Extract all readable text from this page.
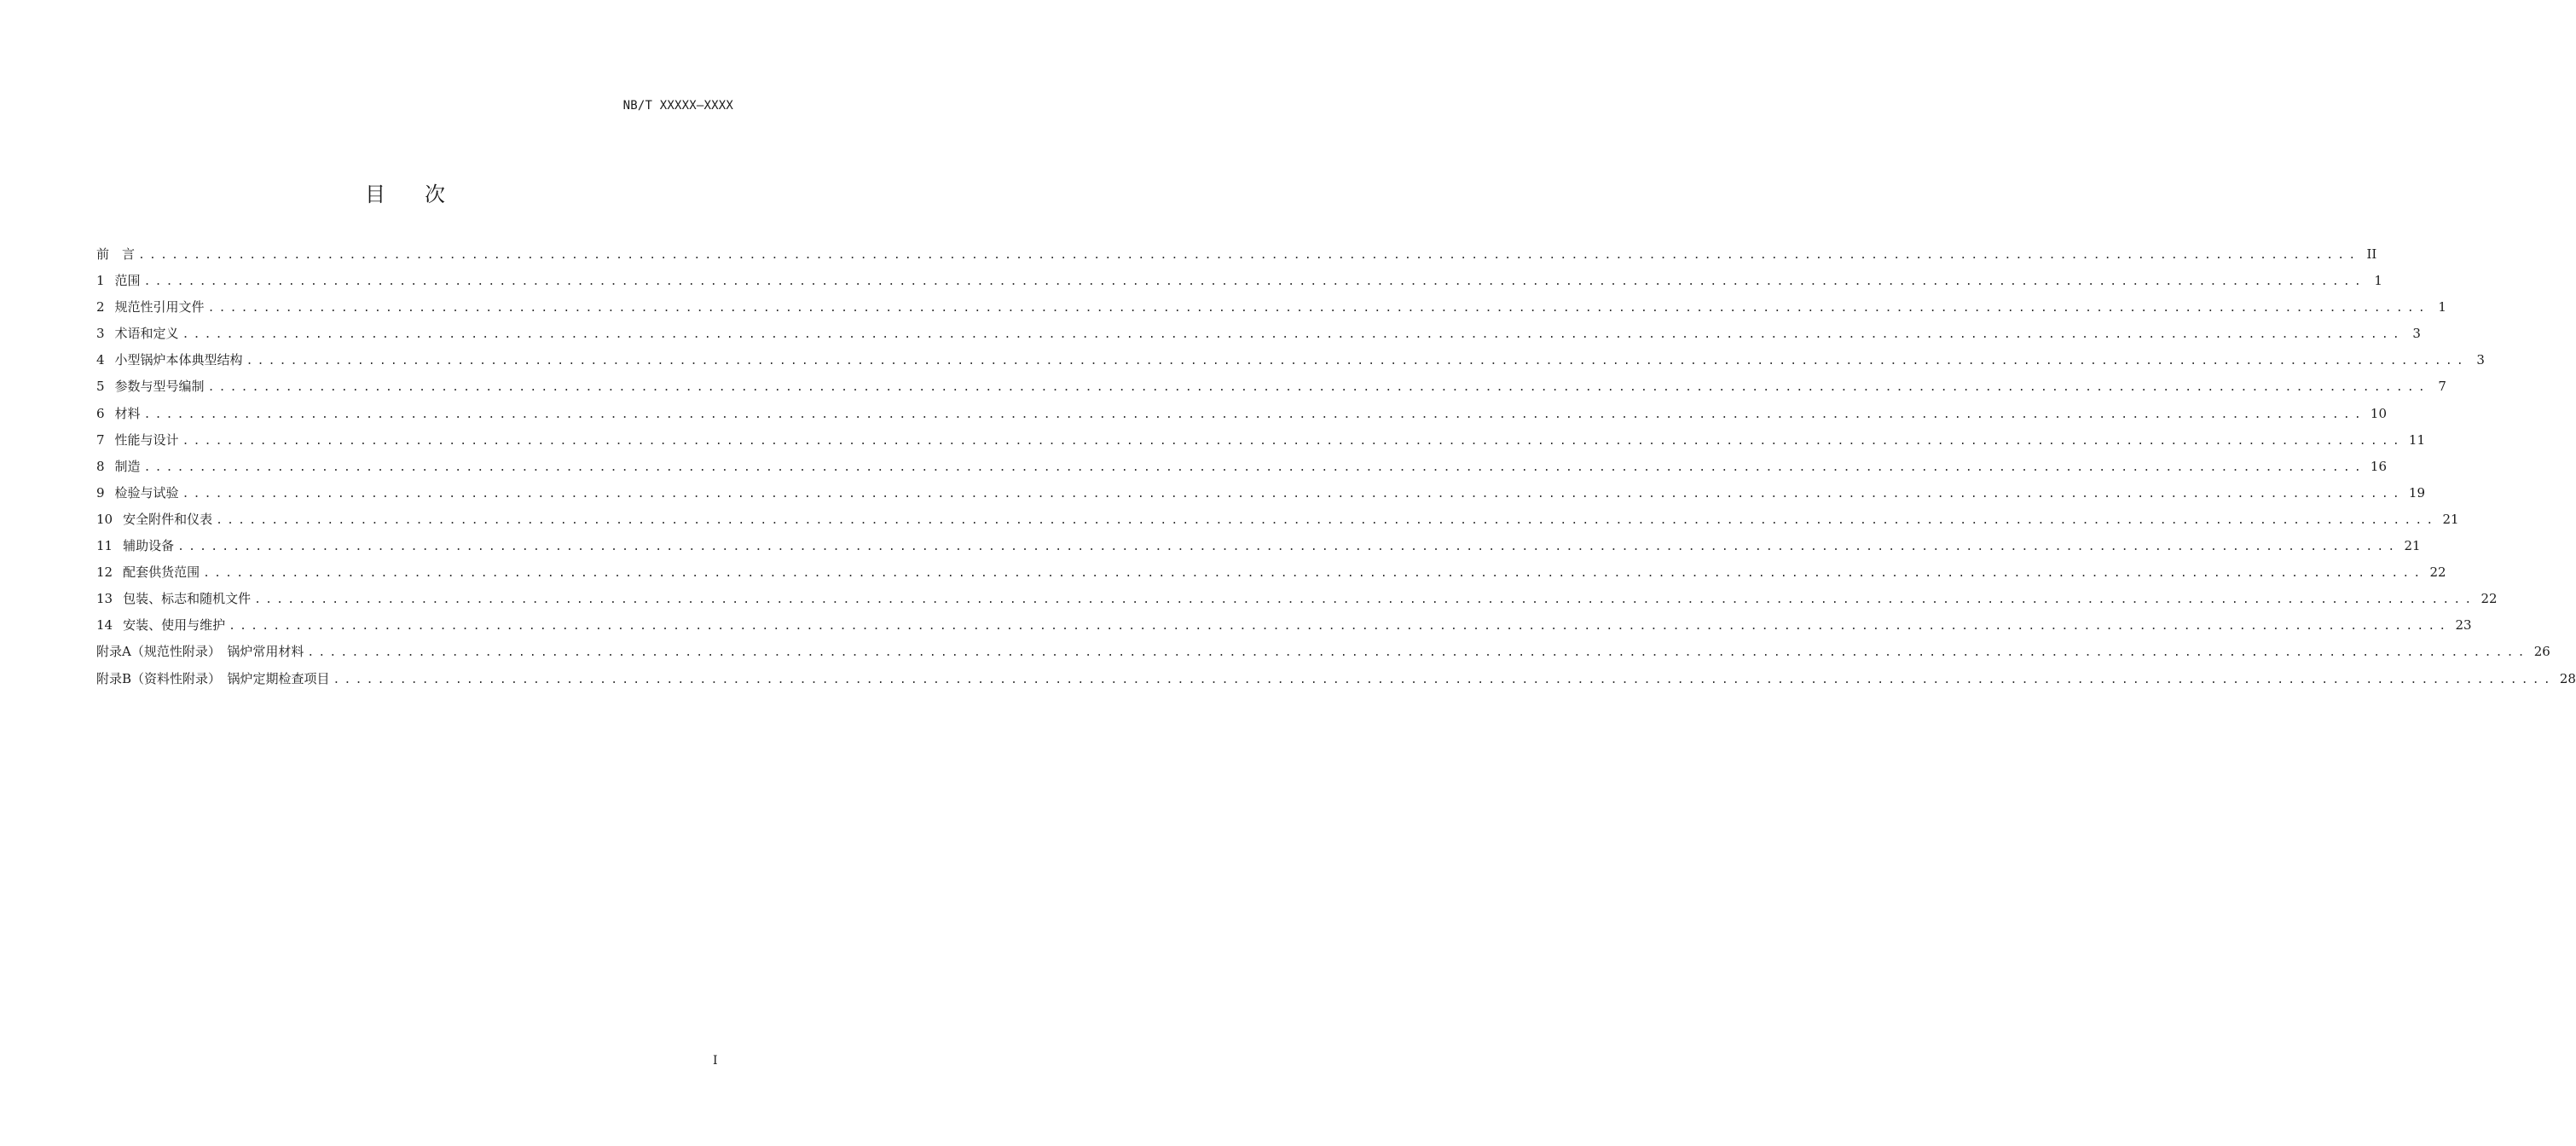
NB/T XXXXX—XXXX
目 次
前　言 ........................................................................................................................................................................................................ II
1 范围 ........................................................................................................................................................................................................ 1
2 规范性引用文件 ........................................................................................................................................................................................................ 1
3 术语和定义 ........................................................................................................................................................................................................ 3
4 小型锅炉本体典型结构 ........................................................................................................................................................................................................ 3
5 参数与型号编制 ........................................................................................................................................................................................................ 7
6 材料 ........................................................................................................................................................................................................ 10
7 性能与设计 ........................................................................................................................................................................................................ 11
8 制造 ........................................................................................................................................................................................................ 16
9 检验与试验 ........................................................................................................................................................................................................ 19
10 安全附件和仪表 ........................................................................................................................................................................................................ 21
11 辅助设备 ........................................................................................................................................................................................................ 21
12 配套供货范围 ........................................................................................................................................................................................................ 22
13 包装、标志和随机文件 ........................................................................................................................................................................................................ 22
14 安装、使用与维护 ........................................................................................................................................................................................................ 23
附录A（规范性附录）　锅炉常用材料 ........................................................................................................................................................................................................ 26
附录B（资料性附录）　锅炉定期检查项目 ........................................................................................................................................................................................................ 28
I
